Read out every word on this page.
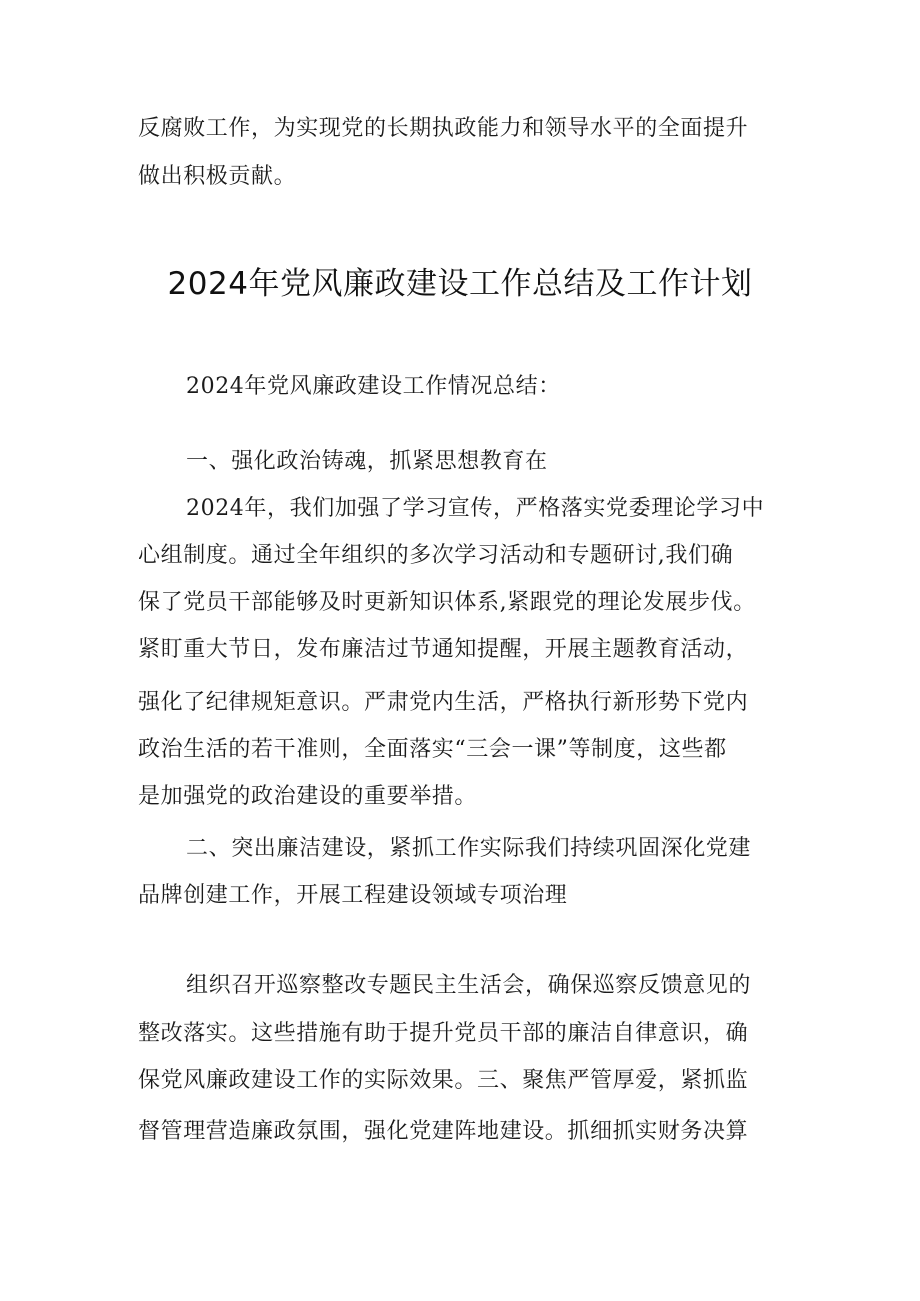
反腐败工作，为实现党的长期执政能力和领导水平的全面提升
做出积极贡献。
2024年党风廉政建设工作总结及工作计划
2024年党风廉政建设工作情况总结：
一、强化政治铸魂，抓紧思想教育在
2024年，我们加强了学习宣传，严格落实党委理论学习中
心组制度。通过全年组织的多次学习活动和专题研讨,我们确
保了党员干部能够及时更新知识体系,紧跟党的理论发展步伐。
紧盯重大节日，发布廉洁过节通知提醒，开展主题教育活动，
强化了纪律规矩意识。严肃党内生活，严格执行新形势下党内
政治生活的若干准则，全面落实“三会一课”等制度，这些都
是加强党的政治建设的重要举措。
二、突出廉洁建设，紧抓工作实际我们持续巩固深化党建
品牌创建工作，开展工程建设领域专项治理
组织召开巡察整改专题民主生活会，确保巡察反馈意见的
整改落实。这些措施有助于提升党员干部的廉洁自律意识，确
保党风廉政建设工作的实际效果。三、聚焦严管厚爱，紧抓监
督管理营造廉政氛围，强化党建阵地建设。抓细抓实财务决算
